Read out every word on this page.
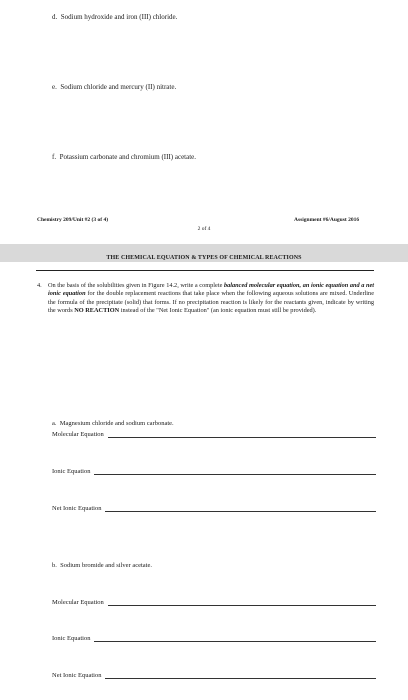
d. Sodium hydroxide and iron (III) chloride.
e. Sodium chloride and mercury (II) nitrate.
f. Potassium carbonate and chromium (III) acetate.
Chemistry 209/Unit #2 (3 of 4)	Assignment #6/August 2016
2 of 4
THE CHEMICAL EQUATION & TYPES OF CHEMICAL REACTIONS
4. On the basis of the solubilities given in Figure 14.2, write a complete balanced molecular equation, an ionic equation and a net ionic equation for the double replacement reactions that take place when the following aqueous solutions are mixed. Underline the formula of the precipitate (solid) that forms. If no precipitation reaction is likely for the reactants given, indicate by writing the words NO REACTION instead of the "Net Ionic Equation" (an ionic equation must still be provided).
a. Magnesium chloride and sodium carbonate.
Molecular Equation
Ionic Equation
Net Ionic Equation
b. Sodium bromide and silver acetate.
Molecular Equation
Ionic Equation
Net Ionic Equation
